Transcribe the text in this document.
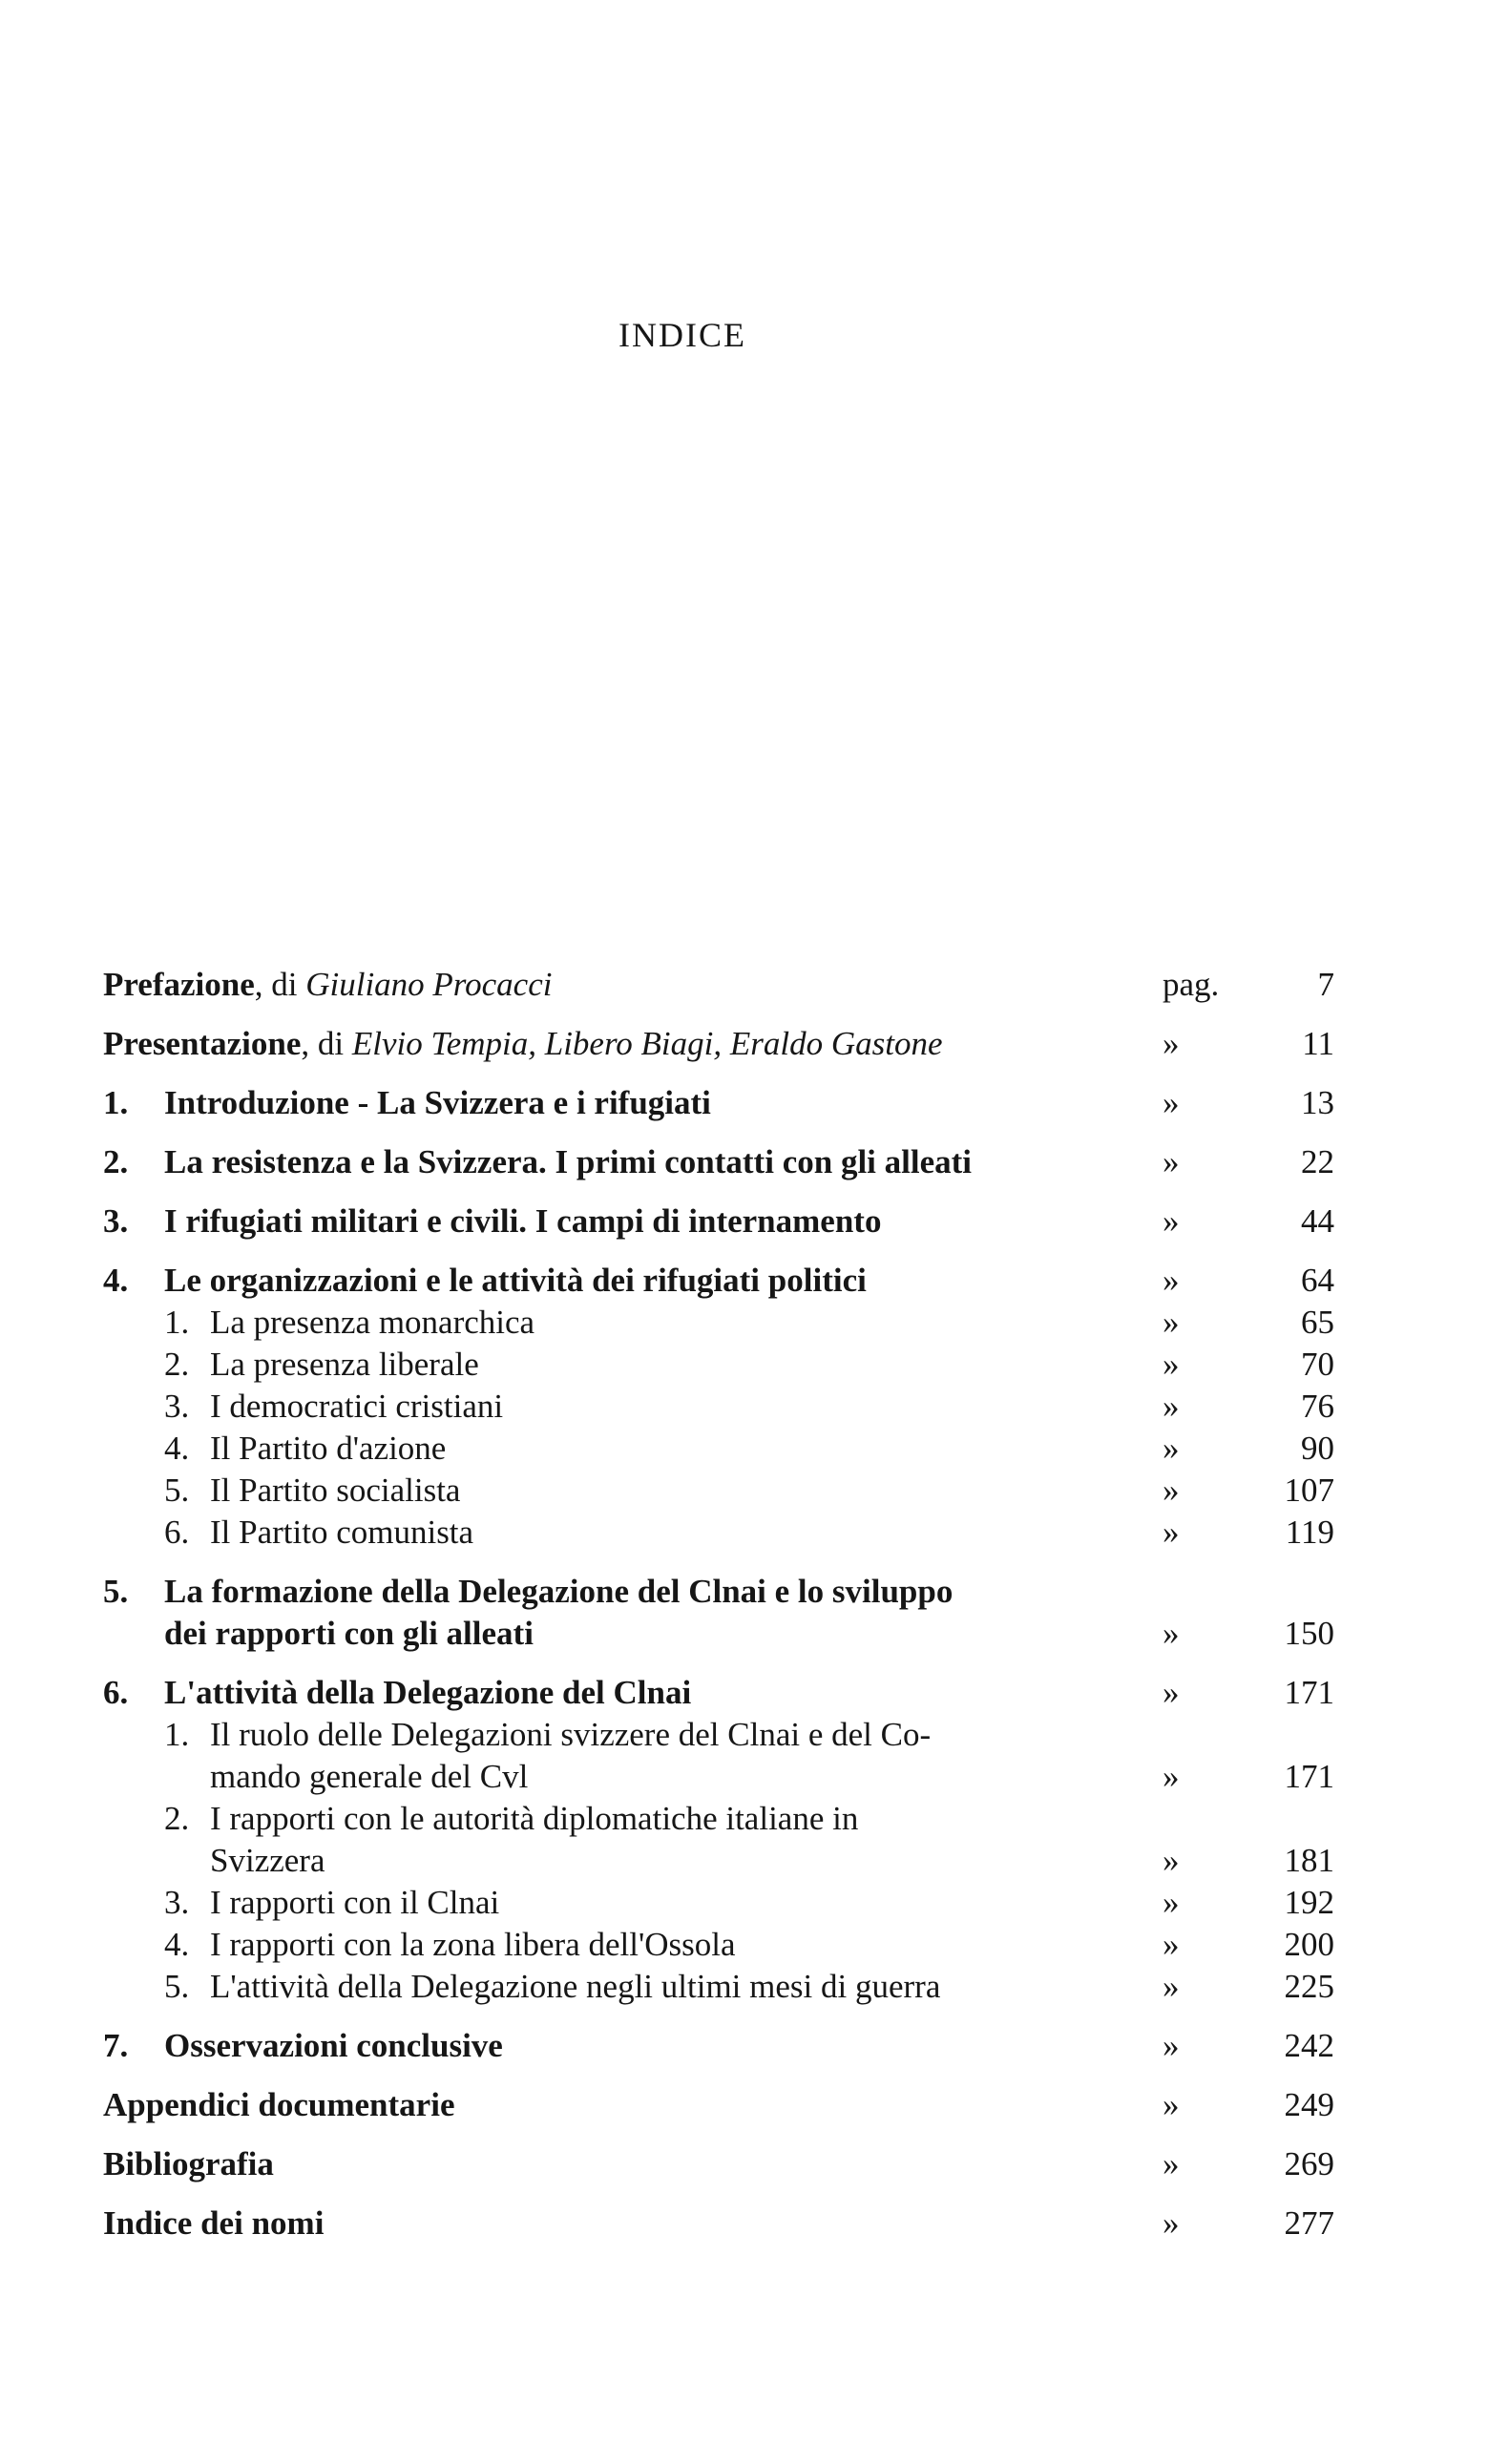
INDICE
Prefazione, di Giuliano Procacci	pag.	7
Presentazione, di Elvio Tempia, Libero Biagi, Eraldo Gastone	»	11
1.	Introduzione - La Svizzera e i rifugiati	»	13
2.	La resistenza e la Svizzera. I primi contatti con gli alleati	»	22
3.	I rifugiati militari e civili. I campi di internamento	»	44
4.	Le organizzazioni e le attività dei rifugiati politici	»	64
1. La presenza monarchica	»	65
2. La presenza liberale	»	70
3. I democratici cristiani	»	76
4. Il Partito d'azione	»	90
5. Il Partito socialista	»	107
6. Il Partito comunista	»	119
5.	La formazione della Delegazione del Clnai e lo sviluppo
dei rapporti con gli alleati	»	150
6.	L'attività della Delegazione del Clnai	»	171
1. Il ruolo delle Delegazioni svizzere del Clnai e del Co-
mando generale del Cvl	»	171
2. I rapporti con le autorità diplomatiche italiane in
Svizzera	»	181
3. I rapporti con il Clnai	»	192
4. I rapporti con la zona libera dell'Ossola	»	200
5. L'attività della Delegazione negli ultimi mesi di guerra	»	225
7.	Osservazioni conclusive	»	242
Appendici documentarie	»	249
Bibliografia	»	269
Indice dei nomi	»	277
